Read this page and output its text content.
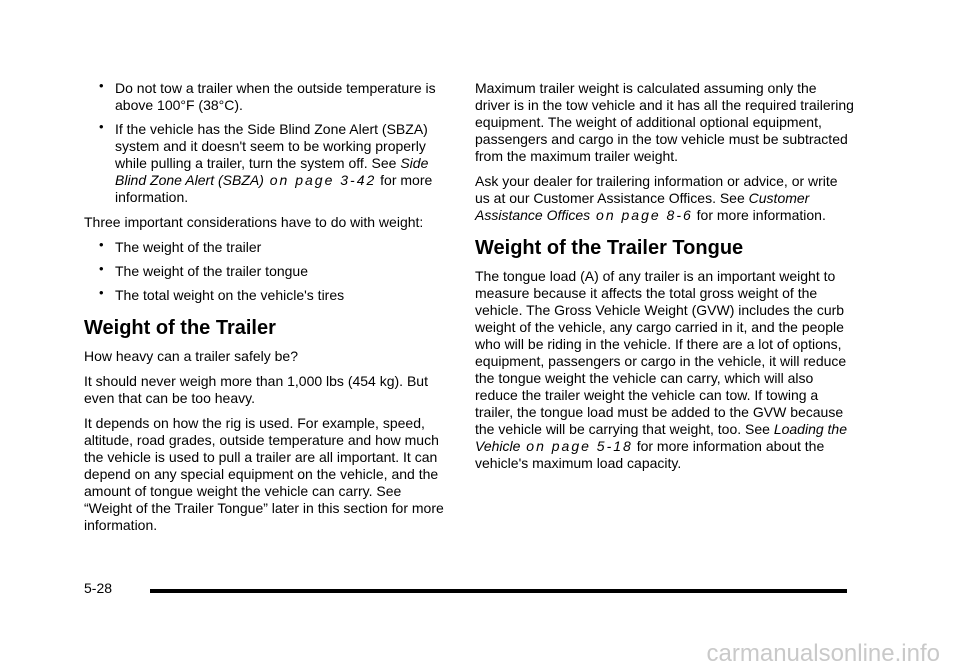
• Do not tow a trailer when the outside temperature is above 100°F (38°C).
• If the vehicle has the Side Blind Zone Alert (SBZA) system and it doesn't seem to be working properly while pulling a trailer, turn the system off. See Side Blind Zone Alert (SBZA) on page 3-42 for more information.

Three important considerations have to do with weight:

• The weight of the trailer
• The weight of the trailer tongue
• The total weight on the vehicle's tires
Weight of the Trailer

How heavy can a trailer safely be?

It should never weigh more than 1,000 lbs (454 kg). But even that can be too heavy.

It depends on how the rig is used. For example, speed, altitude, road grades, outside temperature and how much the vehicle is used to pull a trailer are all important. It can depend on any special equipment on the vehicle, and the amount of tongue weight the vehicle can carry. See “Weight of the Trailer Tongue” later in this section for more information.

Maximum trailer weight is calculated assuming only the driver is in the tow vehicle and it has all the required trailering equipment. The weight of additional optional equipment, passengers and cargo in the tow vehicle must be subtracted from the maximum trailer weight.

Ask your dealer for trailering information or advice, or write us at our Customer Assistance Offices. See Customer Assistance Offices on page 8-6 for more information.

Weight of the Trailer Tongue

The tongue load (A) of any trailer is an important weight to measure because it affects the total gross weight of the vehicle. The Gross Vehicle Weight (GVW) includes the curb weight of the vehicle, any cargo carried in it, and the people who will be riding in the vehicle. If there are a lot of options, equipment, passengers or cargo in the vehicle, it will reduce the tongue weight the vehicle can carry, which will also reduce the trailer weight the vehicle can tow. If towing a trailer, the tongue load must be added to the GVW because the vehicle will be carrying that weight, too. See Loading the Vehicle on page 5-18 for more information about the vehicle's maximum load capacity.

5-28
carmanualsonline.info
